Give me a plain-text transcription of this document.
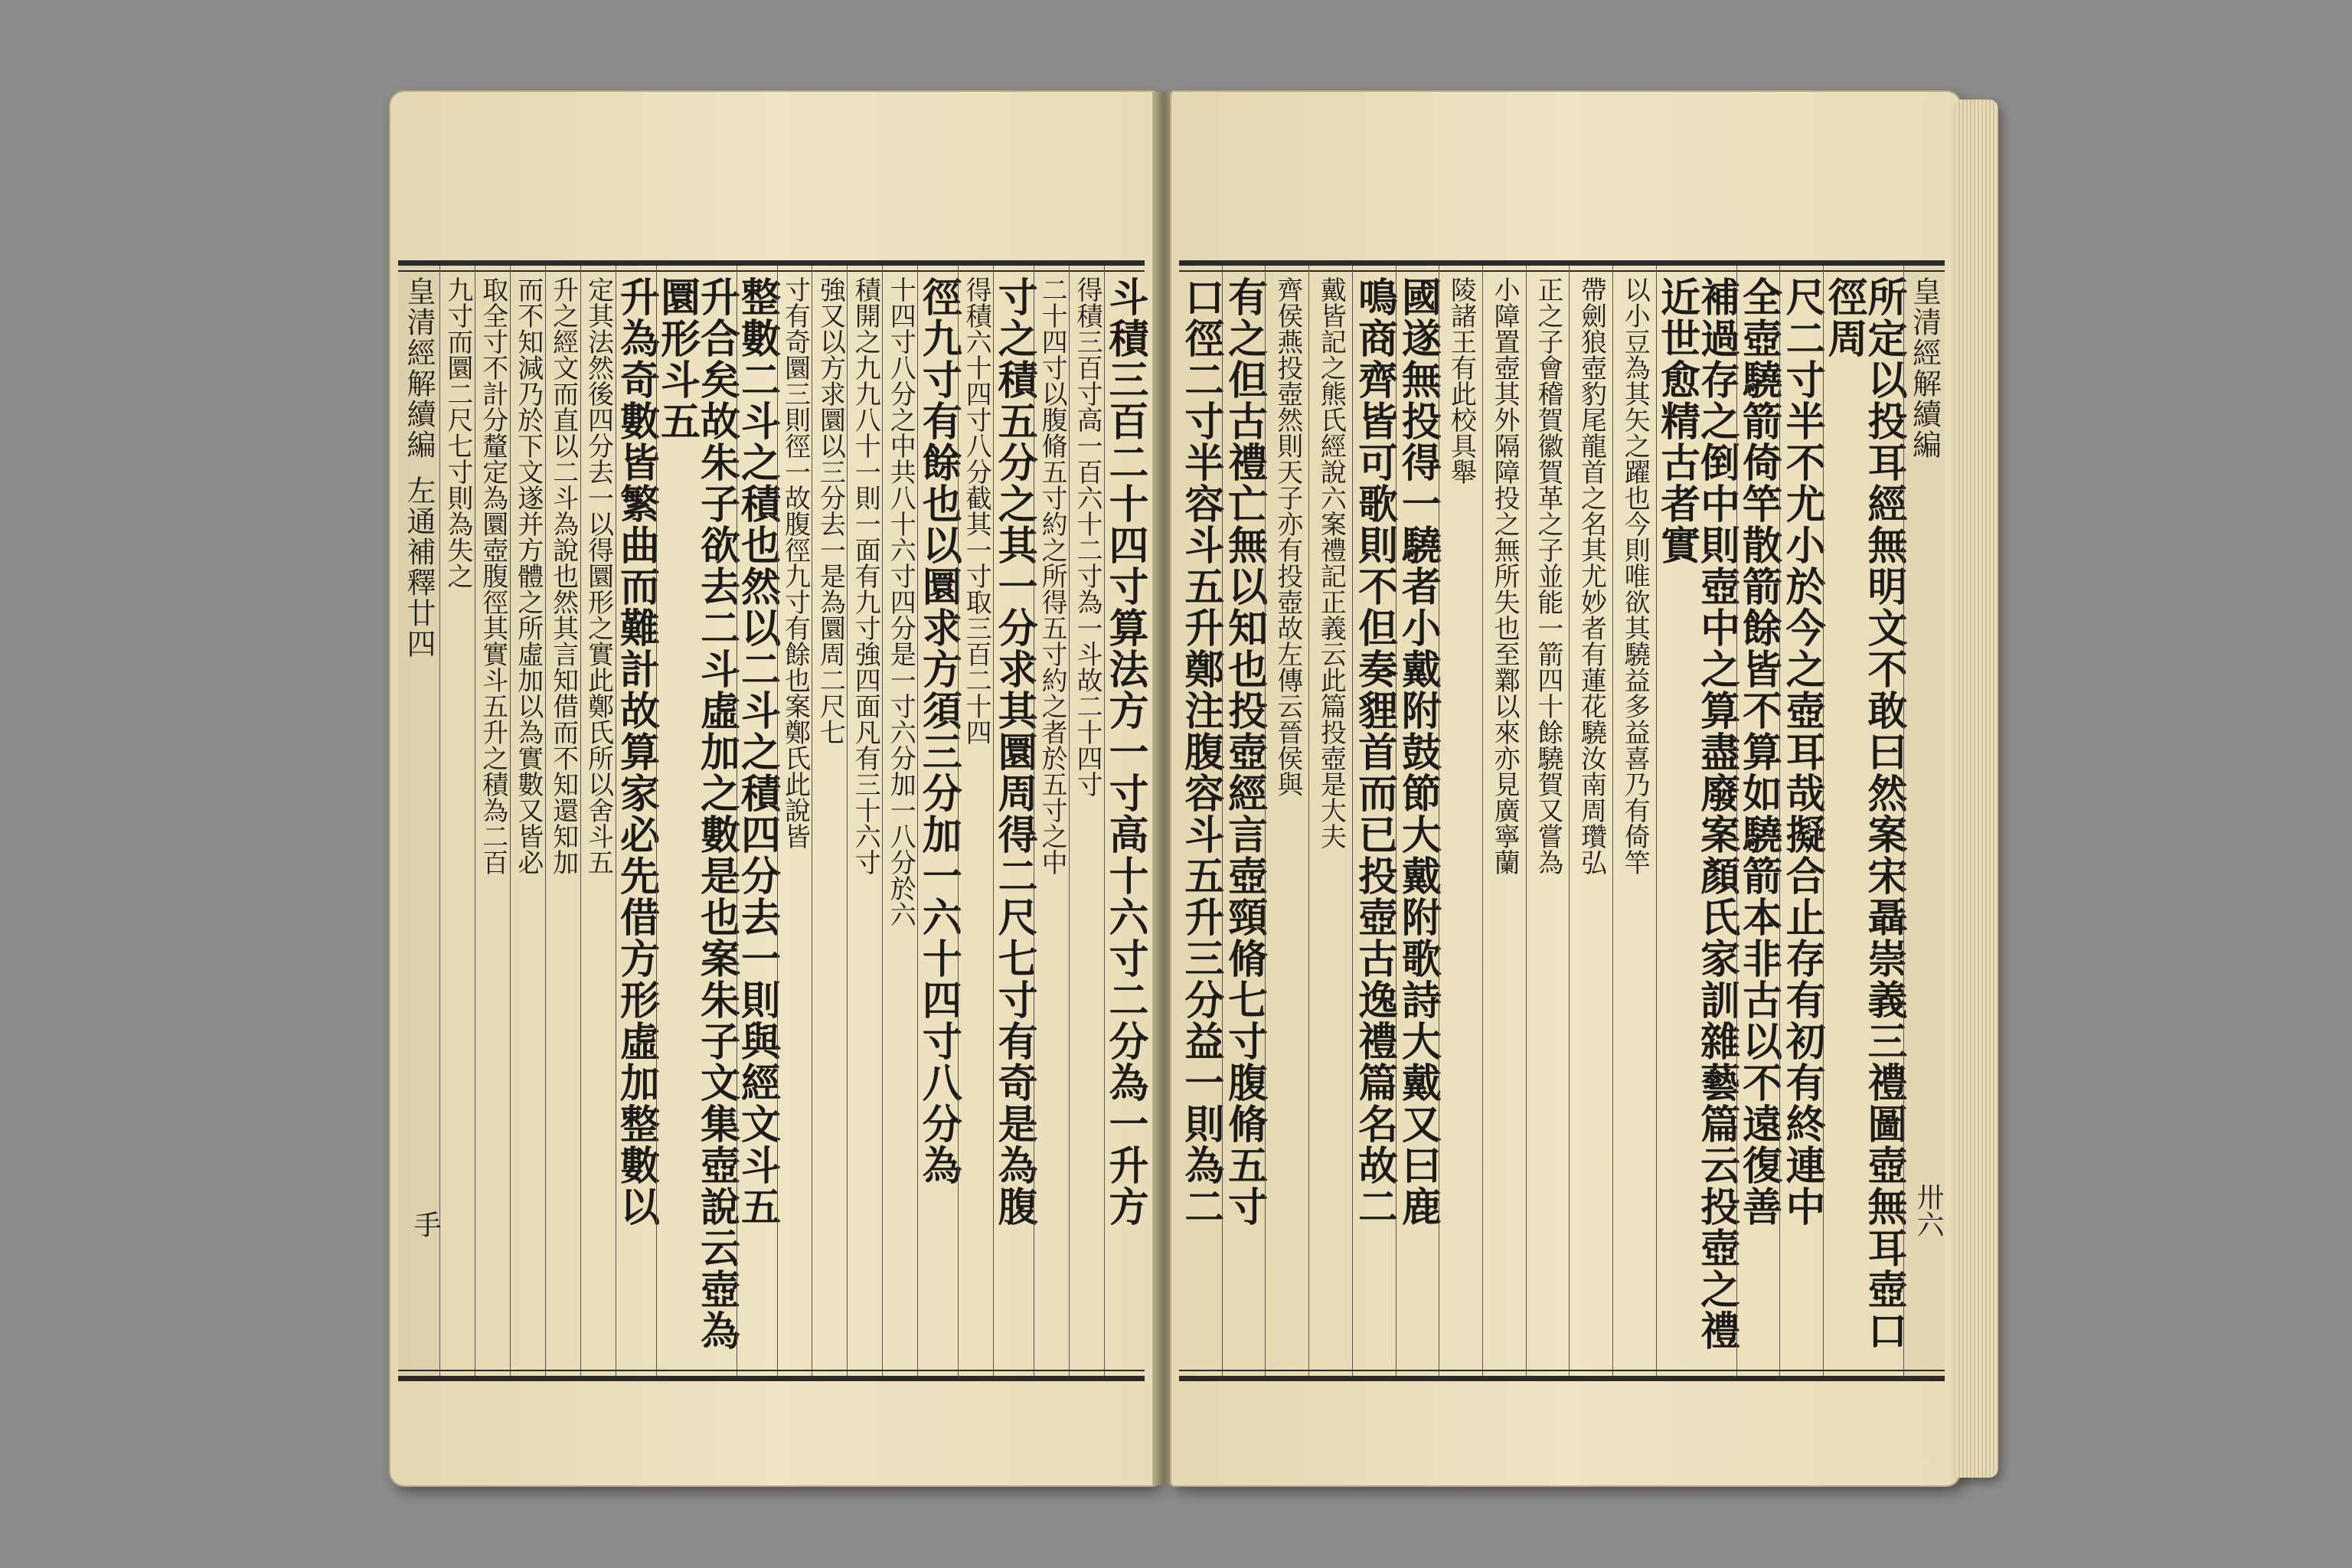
皇清經解續編
所定以投耳經無明文不敢曰然案宋聶崇義三禮圖壺無耳壺口徑周
尺二寸半不尤小於今之壺耳哉擬合止存有初有終連中
全壺驍箭倚竿散箭餘皆不算如驍箭本非古以不遠復善
補過存之倒中則壺中之算盡廢案顏氏家訓雜藝篇云投壺之禮近世愈精古者實
以小豆為其矢之躍也今則唯欲其驍益多益喜乃有倚竿
帶劍狼壺豹尾龍首之名其尤妙者有蓮花驍汝南周瓚弘
正之子會稽賀徽賀革之子並能一箭四十餘驍賀又嘗為
小障置壺其外隔障投之無所失也至鄴以來亦見廣寧蘭
陵諸王有此校具舉
國遂無投得一驍者小戴附鼓節大戴附歌詩大戴又曰鹿
鳴商齊皆可歌則不但奏貍首而已投壺古逸禮篇名故二
戴皆記之熊氏經說六案禮記正義云此篇投壺是大夫
齊侯燕投壺然則天子亦有投壺故左傳云晉侯與
有之但古禮亡無以知也投壺經言壺頸脩七寸腹脩五寸
口徑二寸半容斗五升鄭注腹容斗五升三分益一則為二	卅六
斗積三百二十四寸算法方一寸高十六寸二分為一升方
得積三百寸高一百六十二寸為一斗故二十四寸
二十四寸以腹脩五寸約之所得五寸約之者於五寸之中
寸之積五分之其一分求其圜周得二尺七寸有奇是為腹
得積六十四寸八分截其一寸取三百二十四
徑九寸有餘也以圜求方須三分加一六十四寸八分為
十四寸八分之中共八十六寸四分是一寸六分加一八分於六
積開之九九八十一則一面有九寸強四面凡有三十六寸
強又以方求圜以三分去一是為圜周二尺七
寸有奇圜三則徑一故腹徑九寸有餘也案鄭氏此說皆
整數二斗之積也然以二斗之積四分去一則與經文斗五
升合矣故朱子欲去二斗虛加之數是也案朱子文集壺說云壺為圜形斗五
升為奇數皆繁曲而難計故算家必先借方形虛加整數以
定其法然後四分去一以得圜形之實此鄭氏所以舍斗五
升之經文而直以二斗為說也然其言知借而不知還知加
而不知減乃於下文遂并方體之所虛加以為實數又皆必
取全寸不計分釐定為圜壺腹徑其實斗五升之積為二百
九寸而圜二尺七寸則為失之
皇清經解續編
左通補釋廿四
手
